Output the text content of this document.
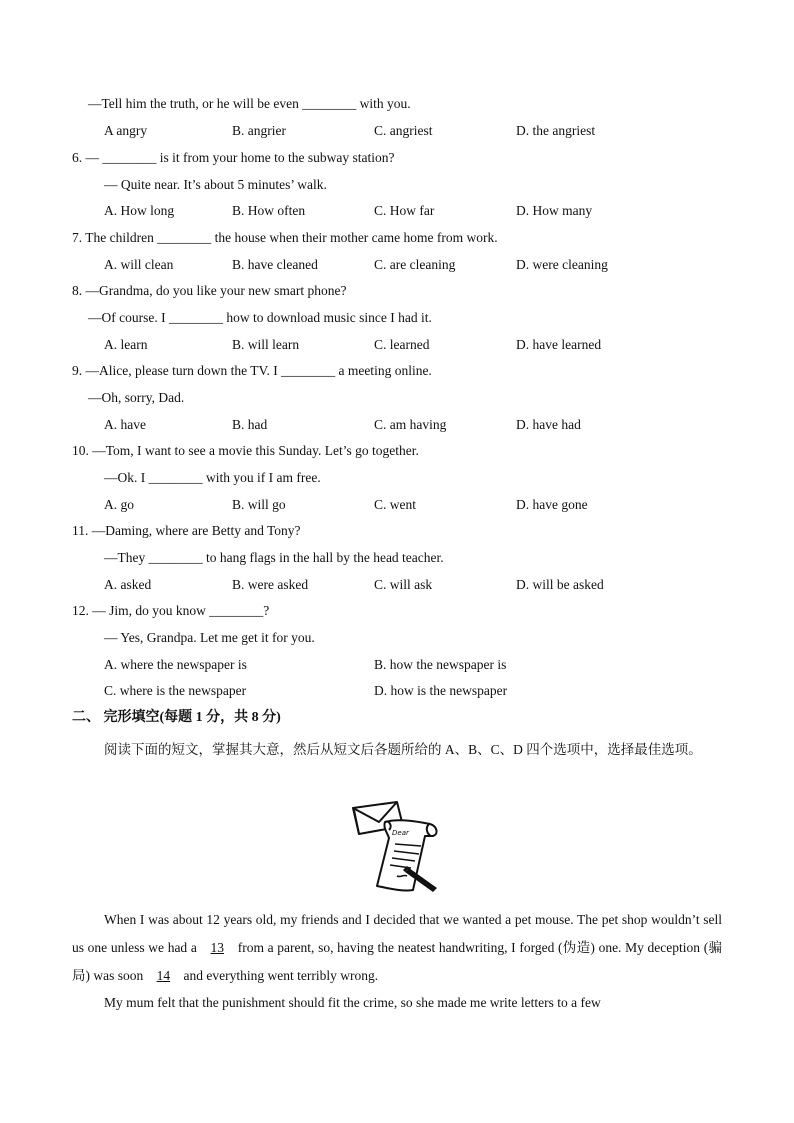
—Tell him the truth, or he will be even ________ with you.
A angry	B. angrier	C. angriest	D. the angriest
6. — ________ is it from your home to the subway station?
— Quite near. It’s about 5 minutes’ walk.
A. How long	B. How often	C. How far	D. How many
7. The children ________ the house when their mother came home from work.
A. will clean	B. have cleaned	C. are cleaning	D. were cleaning
8. —Grandma, do you like your new smart phone?
—Of course. I ________ how to download music since I had it.
A. learn	B. will learn	C. learned	D. have learned
9. —Alice, please turn down the TV. I ________ a meeting online.
—Oh, sorry, Dad.
A. have	B. had	C. am having	D. have had
10. —Tom, I want to see a movie this Sunday. Let’s go together.
—Ok. I ________ with you if I am free.
A. go	B. will go	C. went	D. have gone
11. —Daming, where are Betty and Tony?
—They ________ to hang flags in the hall by the head teacher.
A. asked	B. were asked	C. will ask	D. will be asked
12. — Jim, do you know ________?
— Yes, Grandpa. Let me get it for you.
A. where the newspaper is	B. how the newspaper is
C. where is the newspaper	D. how is the newspaper
二、 完形填空(每题 1 分，共 8 分)
阅读下面的短文，掌握其大意，然后从短文后各题所给的 A、B、C、D 四个选项中，选择最佳选项。
Dear
When I was about 12 years old, my friends and I decided that we wanted a pet mouse. The pet shop wouldn’t sell us one unless we had a 13 from a parent, so, having the neatest handwriting, I forged (伪造) one. My deception (骗局) was soon 14 and everything went terribly wrong.
My mum felt that the punishment should fit the crime, so she made me write letters to a few
